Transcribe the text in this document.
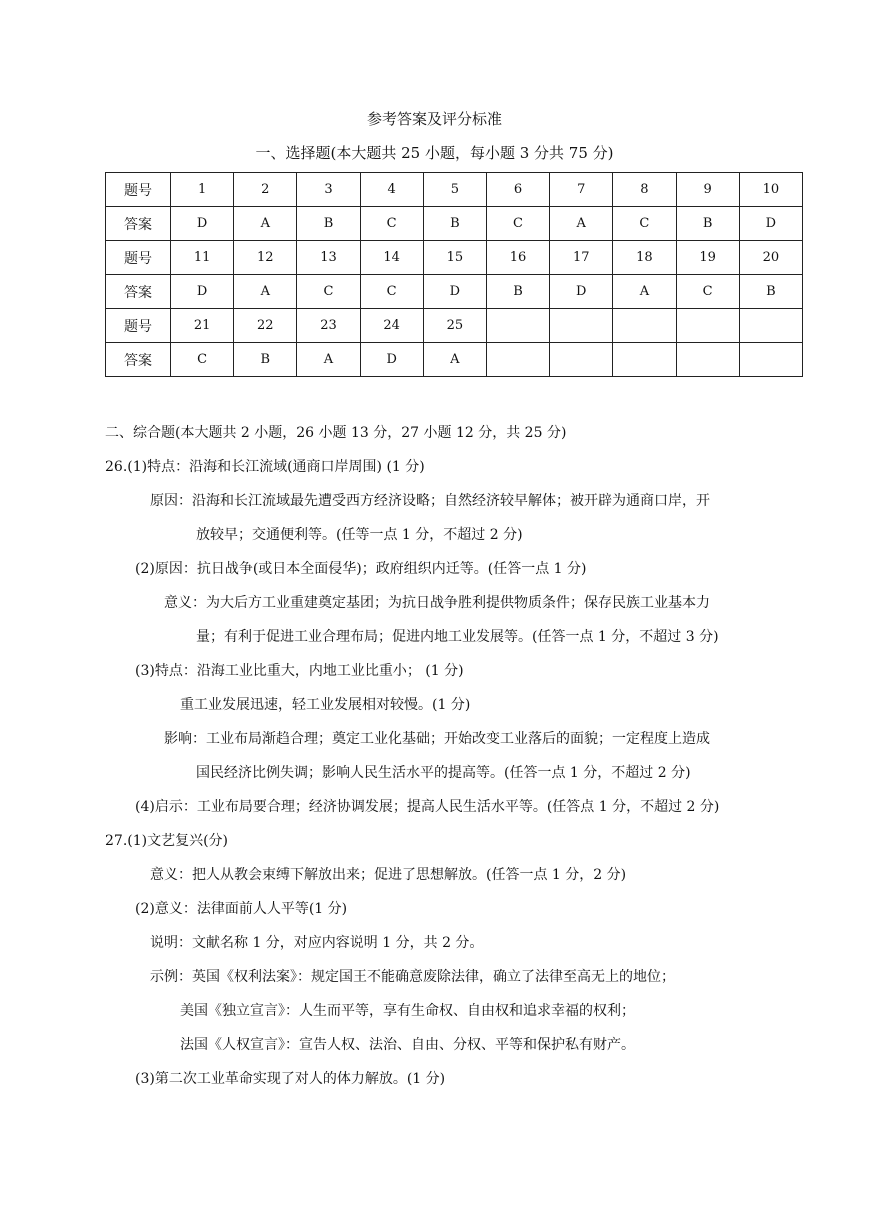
参考答案及评分标准
一、选择题(本大题共 25 小题，每小题 3 分共 75 分)
题号	1	2	3	4	5	6	7	8	9	10
答案	D	A	B	C	B	C	A	C	B	D
题号	11	12	13	14	15	16	17	18	19	20
答案	D	A	C	C	D	B	D	A	C	B
题号	21	22	23	24	25					
答案	C	B	A	D	A					
二、综合题(本大题共 2 小题，26 小题 13 分，27 小题 12 分，共 25 分)
26.(1)特点：沿海和长江流域(通商口岸周围) (1 分)
原因：沿海和长江流域最先遭受西方经济设略；自然经济较早解体；被开辟为通商口岸，开
放较早；交通便利等。(任等一点 1 分，不超过 2 分)
(2)原因：抗日战争(或日本全面侵华)；政府组织内迁等。(任答一点 1 分)
意义：为大后方工业重建奠定基团；为抗日战争胜利提供物质条件；保存民族工业基本力
量；有利于促进工业合理布局；促进内地工业发展等。(任答一点 1 分，不超过 3 分)
(3)特点：沿海工业比重大，内地工业比重小； (1 分)
重工业发展迅速，轻工业发展相对较慢。(1 分)
影响：工业布局渐趋合理；奠定工业化基础；开始改变工业落后的面貌；一定程度上造成
国民经济比例失调；影响人民生活水平的提高等。(任答一点 1 分，不超过 2 分)
(4)启示：工业布局要合理；经济协调发展；提高人民生活水平等。(任答点 1 分，不超过 2 分)
27.(1)文艺复兴(分)
意义：把人从教会束缚下解放出来；促进了思想解放。(任答一点 1 分，2 分)
(2)意义：法律面前人人平等(1 分)
说明：文献名称 1 分，对应内容说明 1 分，共 2 分。
示例：英国《权利法案》：规定国王不能确意废除法律，确立了法律至高无上的地位；
美国《独立宣言》：人生而平等，享有生命权、自由权和追求幸福的权利；
法国《人权宣言》：宣告人权、法治、自由、分权、平等和保护私有财产。
(3)第二次工业革命实现了对人的体力解放。(1 分)
